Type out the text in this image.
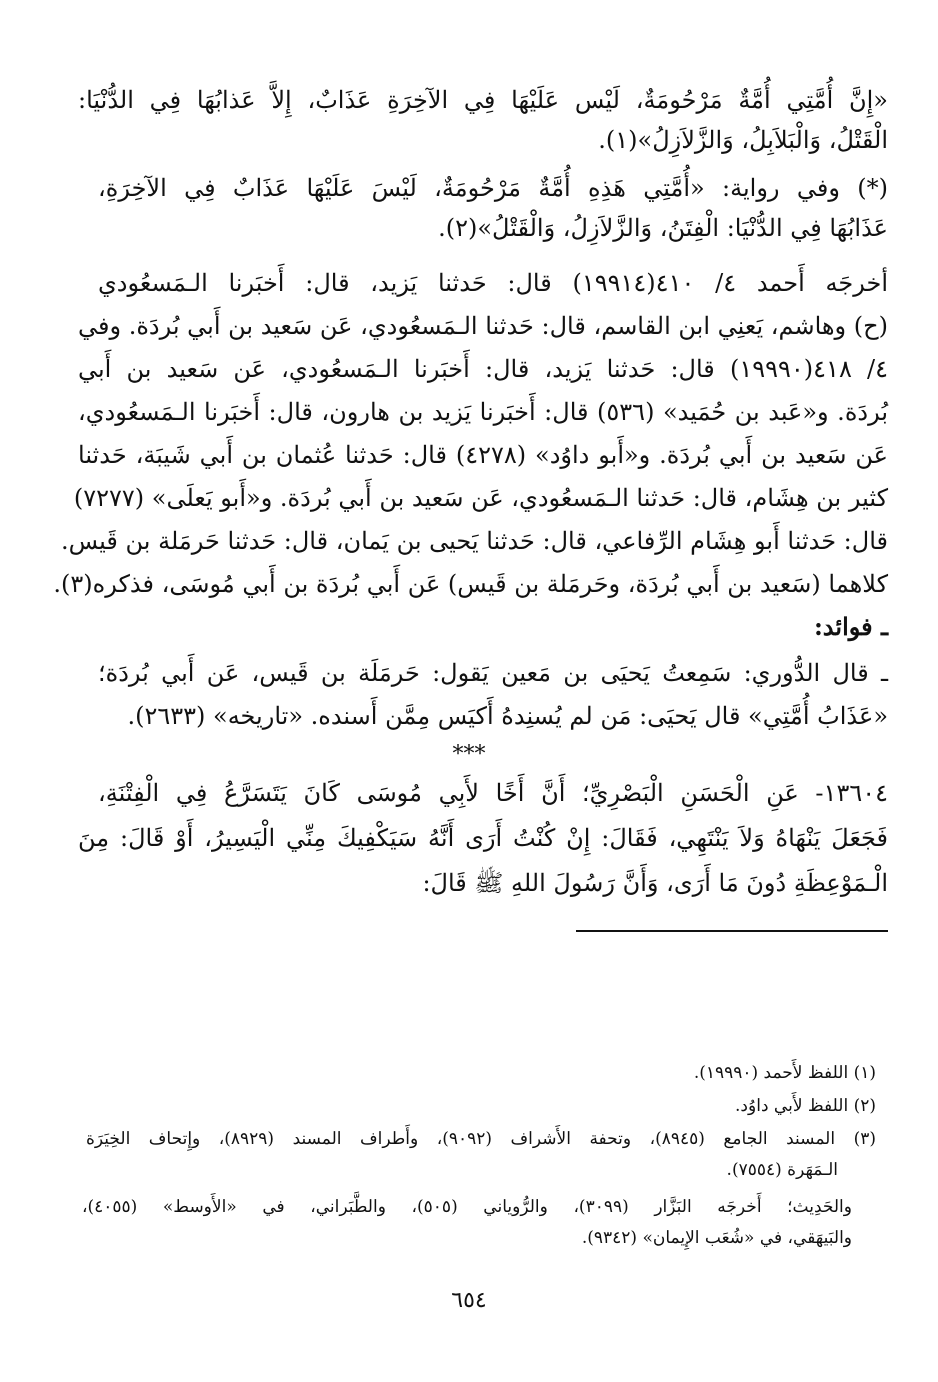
«إِنَّ أُمَّتِي أُمَّةٌ مَرْحُومَةٌ، لَيْس عَلَيْهَا فِي الآخِرَةِ عَذَابٌ، إِلاَّ عَذابُهَا فِي الدُّنْيَا:
الْقَتْلُ، وَالْبَلاَبِلُ، وَالزَّلاَزِلُ»(١).
(*) وفي رواية: «أُمَّتِي هَذِهِ أُمَّةٌ مَرْحُومَةٌ، لَيْسَ عَلَيْهَا عَذَابٌ فِي الآخِرَةِ،
عَذَابُهَا فِي الدُّنْيَا: الْفِتَنُ، وَالزَّلاَزِلُ، وَالْقَتْلُ»(٢).
أخرجَه أَحمد ٤/ ٤١٠(١٩٩١٤) قال: حَدثنا يَزيد، قال: أَخبَرنا الـمَسعُودي
(ح) وهاشم، يَعنِي ابن القاسم، قال: حَدثنا الـمَسعُودي، عَن سَعيد بن أَبي بُردَة. وفي
٤/ ٤١٨(١٩٩٩٠) قال: حَدثنا يَزيد، قال: أَخبَرنا الـمَسعُودي، عَن سَعيد بن أَبي
بُردَة. و«عَبد بن حُمَيد» (٥٣٦) قال: أَخبَرنا يَزيد بن هارون، قال: أَخبَرنا الـمَسعُودي،
عَن سَعيد بن أَبي بُردَة. و«أَبو داوُد» (٤٢٧٨) قال: حَدثنا عُثمان بن أَبي شَيبَة، حَدثنا
كثير بن هِشَام، قال: حَدثنا الـمَسعُودي، عَن سَعيد بن أَبي بُردَة. و«أَبو يَعلَى» (٧٢٧٧)
قال: حَدثنا أَبو هِشَام الرِّفاعي، قال: حَدثنا يَحيى بن يَمان، قال: حَدثنا حَرمَلة بن قَيس.
كلاهما (سَعيد بن أَبي بُردَة، وحَرمَلة بن قَيس) عَن أَبي بُردَة بن أَبي مُوسَى، فذكره(٣).
ـ فوائد:
ـ قال الدُّوري: سَمِعتُ يَحيَى بن مَعين يَقول: حَرمَلَة بن قَيس، عَن أَبي بُردَة؛
«عَذَابُ أُمَّتِي» قال يَحيَى: مَن لم يُسنِدهُ أَكيَس مِمَّن أَسنده. «تاريخه» (٢٦٣٣).
***
١٣٦٠٤- عَنِ الْحَسَنِ الْبَصْرِيِّ؛ أَنَّ أَخًا لأَبِي مُوسَى كَانَ يَتَسَرَّعُ فِي الْفِتْنَةِ،
فَجَعَلَ يَنْهَاهُ وَلاَ يَنْتَهِي، فَقَالَ: إِنْ كُنْتُ أَرَى أَنَّهُ سَيَكْفِيكَ مِنِّي الْيَسِيرُ، أَوْ قَالَ: مِنَ
الْـمَوْعِظَةِ دُونَ مَا أَرَى، وَأَنَّ رَسُولَ اللهِ ﷺ قَالَ:
(١) اللفظ لأَحمد (١٩٩٩٠).
(٢) اللفظ لأَبي داوُد.
(٣) المسند الجامع (٨٩٤٥)، وتحفة الأَشراف (٩٠٩٢)، وأَطراف المسند (٨٩٢٩)، وإِتحاف الخِيَرَة
الـمَهَرة (٧٥٥٤).
والحَدِيث؛ أَخرجَه البَزَّار (٣٠٩٩)، والرُّوياني (٥٠٥)، والطَّبَراني، في «الأَوسط» (٤٠٥٥)،
والبَيهَقي، في «شُعَب الإِيمان» (٩٣٤٢).
٦٥٤
